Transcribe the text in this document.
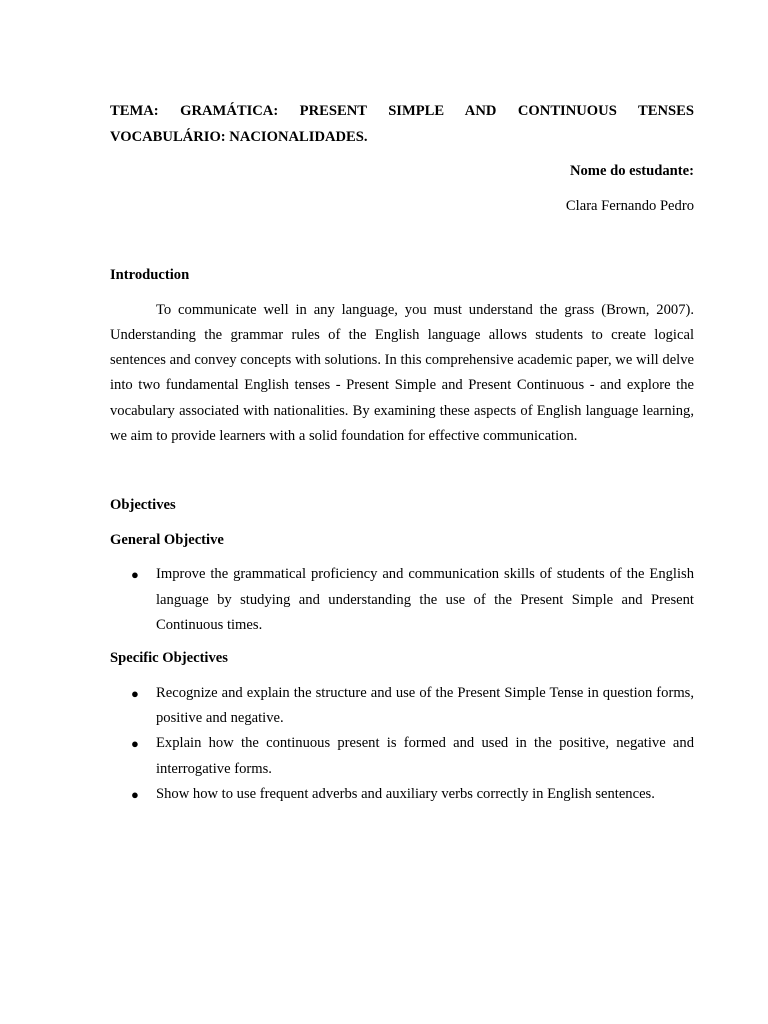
TEMA: GRAMÁTICA: PRESENT SIMPLE AND CONTINUOUS TENSES
VOCABULÁRIO: NACIONALIDADES.

Nome do estudante:

Clara Fernando Pedro

Introduction

To communicate well in any language, you must understand the grass (Brown, 2007). Understanding the grammar rules of the English language allows students to create logical sentences and convey concepts with solutions. In this comprehensive academic paper, we will delve into two fundamental English tenses - Present Simple and Present Continuous - and explore the vocabulary associated with nationalities. By examining these aspects of English language learning, we aim to provide learners with a solid foundation for effective communication.

Objectives
General Objective
● Improve the grammatical proficiency and communication skills of students of the English language by studying and understanding the use of the Present Simple and Present Continuous times.
Specific Objectives
● Recognize and explain the structure and use of the Present Simple Tense in question forms, positive and negative.
● Explain how the continuous present is formed and used in the positive, negative and interrogative forms.
● Show how to use frequent adverbs and auxiliary verbs correctly in English sentences.
